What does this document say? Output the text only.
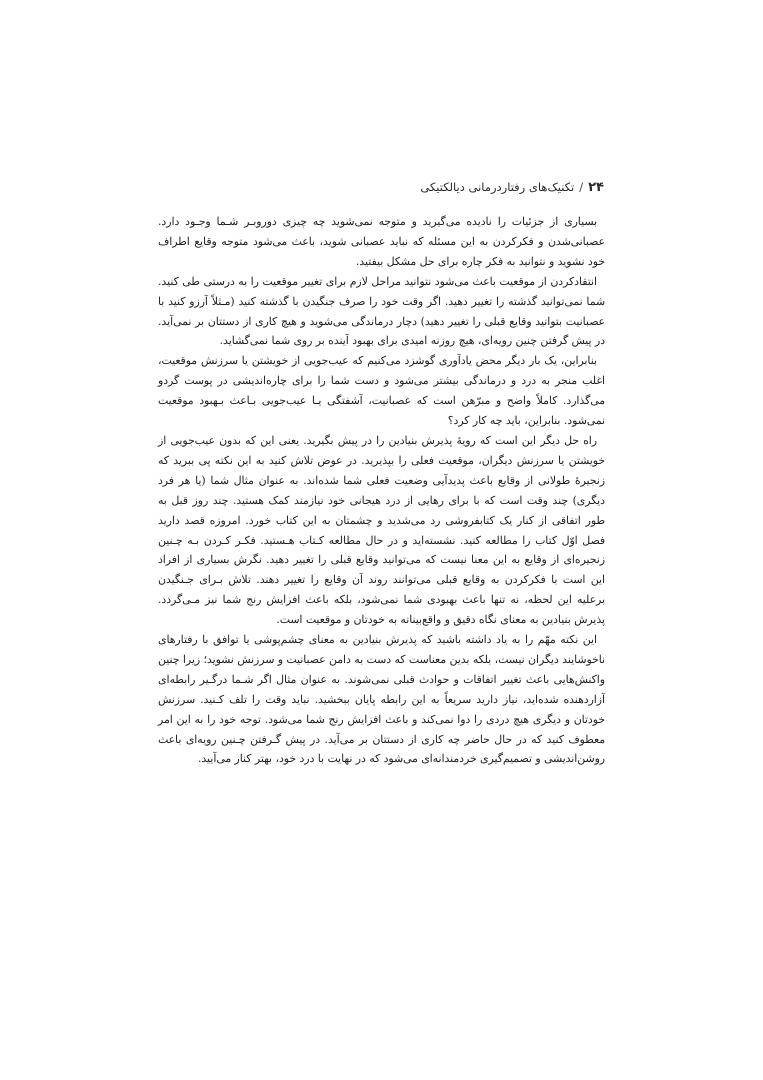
۲۴/تکنیک‌های رفتاردرمانی دیالکتیکی

بسیاری از جزئیات را نادیده می‌گیرید و متوجه نمی‌شوید چه چیزی دوروبـر شـما وجـود دارد. عصبانی‌شدن و فکرکردن به این مسئله که نباید عصبانی شوید، باعث می‌شود متوجه وقایع اطراف خود نشوید و نتوانید به فکر چاره برای حل مشکل بیفتید.

انتقادکردن از موقعیت باعث می‌شود نتوانید مراحل لازم برای تغییر موقعیت را به درستی طی کنید. شما نمی‌توانید گذشته را تغییر دهید. اگر وقت خود را صرف جنگیدن با گذشته کنید (مـثلاً آرزو کنید با عصبانیت بتوانید وقایع قبلی را تغییر دهید) دچار درماندگی می‌شوید و هیچ کاری از دستتان بر نمی‌آید. در پیش گرفتن چنین رویه‌ای، هیچ روزنه امیدی برای بهبود آینده بر روی شما نمی‌گشاید.

بنابراین، یک بار دیگر محض یادآوری گوشزد می‌کنیم که عیب‌جویی از خویشتن یا سرزنش موقعیت، اغلب منجر به درد و درماندگی بیشتر می‌شود و دست شما را برای چاره‌اندیشی در پوست گردو می‌گذارد. کاملاً واضح و مبرّهن است که عصبانیت، آشفتگی یـا عیب‌جویی بـاعث بـهبود موقعیت نمی‌شود. بنابراین، باید چه کار کرد؟

راه حل دیگر این است که رویهٔ پذیرش بنیادین را در پیش بگیرید. یعنی این که بدون عیب‌جویی از خویشتن یا سرزنش دیگران، موقعیت فعلی را بپذیرید. در عوض تلاش کنید به این نکته پی ببرید که زنجیرهٔ طولانی از وقایع باعث پدیدآیی وضعیت فعلی شما شده‌اند. به عنوان مثال شما (یا هر فرد دیگری) چند وقت است که با برای رهایی از درد هیجانی خود نیازمند کمک هستید. چند روز قبل به طور اتفاقی از کنار یک کتابفروشی رد می‌شدید و چشمتان به این کتاب خورد. امروزه قصد دارید فصل اوّل کتاب را مطالعه کنید. نشسته‌اید و در حال مطالعه کـتاب هـستید. فکـر کـردن بـه چـنین زنجیره‌ای از وقایع به این معنا نیست که می‌توانید وقایع قبلی را تغییر دهید. نگرش بسیاری از افراد این است با فکرکردن به وقایع قبلی می‌توانند روند آن وقایع را تغییر دهند. تلاش بـرای جـنگیدن برعلیه این لحظه، نه تنها باعث بهبودی شما نمی‌شود، بلکه باعث افزایش رنج شما نیز مـی‌گردد. پذیرش بنیادین به معنای نگاه دقیق و واقع‌بینانه به خودتان و موقعیت است.

این نکته مهّم را به یاد داشته باشید که پذیرش بنیادین به معنای چشم‌پوشی یا توافق با رفتارهای ناخوشایند دیگران نیست، بلکه بدین معناست که دست به دامن عصبانیت و سرزنش نشوید؛ زیرا چنین واکنش‌هایی باعث تغییر اتفاقات و حوادث قبلی نمی‌شوند. به عنوان مثال اگر شـما درگـیر رابطه‌ای آزاردهنده شده‌اید، نیاز دارید سریعاً به این رابطه پایان ببخشید. نباید وقت را تلف کـنید. سرزنش خودتان و دیگری هیچ دردی را دوا نمی‌کند و باعث افزایش رنج شما می‌شود. توجه خود را به این امر معطوف کنید که در حال حاضر چه کاری از دستتان بر می‌آید. در پیش گـرفتن چـنین رویه‌ای باعث روشن‌اندیشی و تصمیم‌گیری خردمندانه‌ای می‌شود که در نهایت با درد خود، بهتر کنار می‌آیید.
